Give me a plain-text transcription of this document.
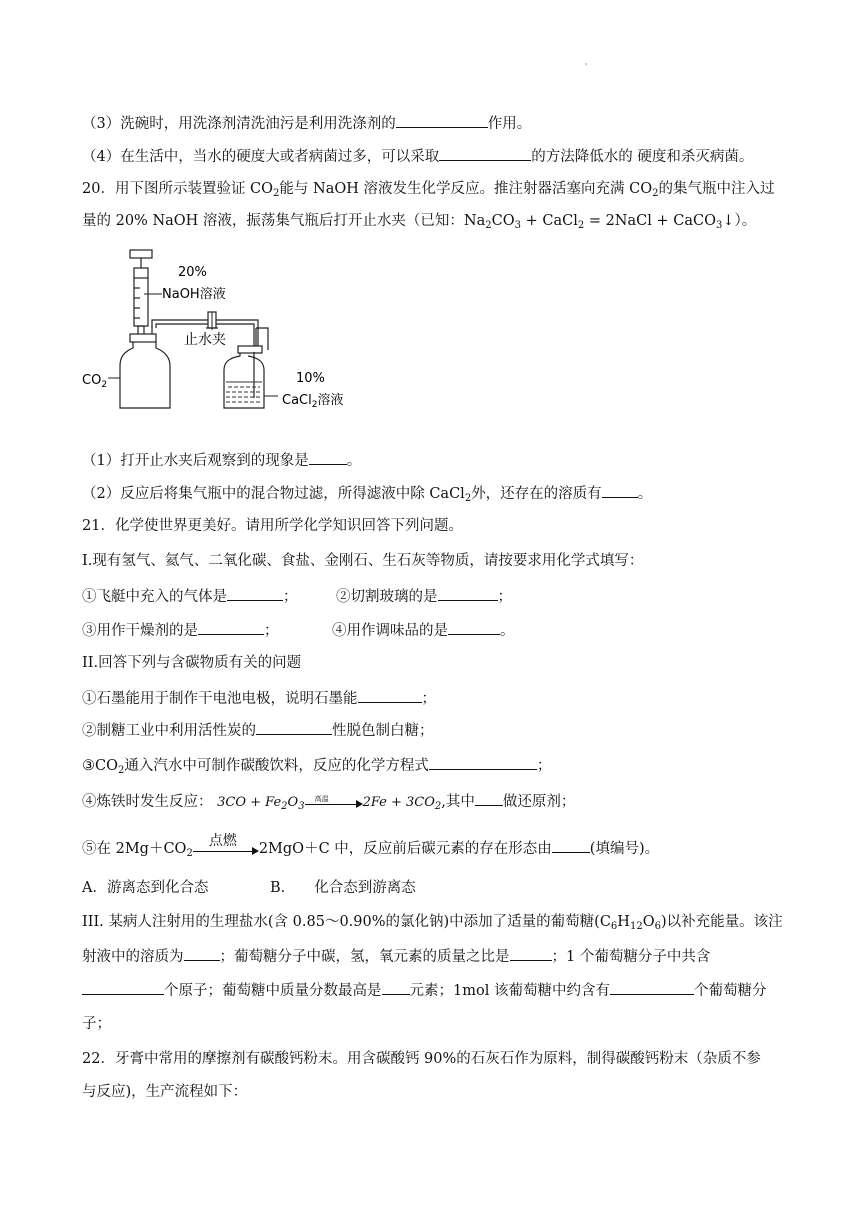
'
（3）洗碗时，用洗涤剂清洗油污是利用洗涤剂的	作用。
（4）在生活中，当水的硬度大或者病菌过多，可以采取	的方法降低水的 硬度和杀灭病菌。
20．用下图所示装置验证 $CO_2$能与 NaOH 溶液发生化学反应。推注射器活塞向充满 $CO_2$的集气瓶中注入过
量的 20% NaOH 溶液，振荡集气瓶后打开止水夹（已知：$Na_2CO_3$ + CaCl$_2$ = 2NaCl + CaCO$_3$↓）。
20%
NaOH溶液
止水夹
$CO_2$	10%
CaCl$_2$溶液
（1）打开止水夹后观察到的现象是	。
（2）反应后将集气瓶中的混合物过滤，所得滤液中除 CaCl$_2$外，还存在的溶质有 。
21．化学使世界更美好。请用所学化学知识回答下列问题。
I.现有氢气、氦气、二氧化碳、食盐、金刚石、生石灰等物质，请按要求用化学式填写：
①飞艇中充入的气体是	；	②切割玻璃的是	；
③用作干燥剂的是	；	④用作调味品的是	。
II.回答下列与含碳物质有关的问题
①石墨能用于制作干电池电极，说明石墨能	；
②制糖工业中利用活性炭的	性脱色制白糖；
$③CO_2$通入汽水中可制作碳酸饮料，反应的化学方程式	；
④炼铁时发生反应： $3CO + Fe_2O_3$
高温	$2Fe + 3CO_2$,其中 做还原剂；
⑤在 $2Mg+CO_2$
点燃 2MgO＋C 中，反应前后碳元素的存在形态由	(填编号)。
A．游离态到化合态	B.　　化合态到游离态
III. 某病人注射用的生理盐水(含 0.85～0.90%的氯化钠)中添加了适量的葡萄糖$(C_6H_{12}O_6)$以补充能量。该注
射液中的溶质为 ；葡萄糖分子中碳，氢，氧元素的质量之比是	；1 个葡萄糖分子中共含
个原子；葡萄糖中质量分数最高是 元素；1mol 该葡萄糖中约含有	个葡萄糖分
子；
22．牙膏中常用的摩擦剂有碳酸钙粉末。用含碳酸钙 90%的石灰石作为原料，制得碳酸钙粉末（杂质不参
与反应)，生产流程如下：
